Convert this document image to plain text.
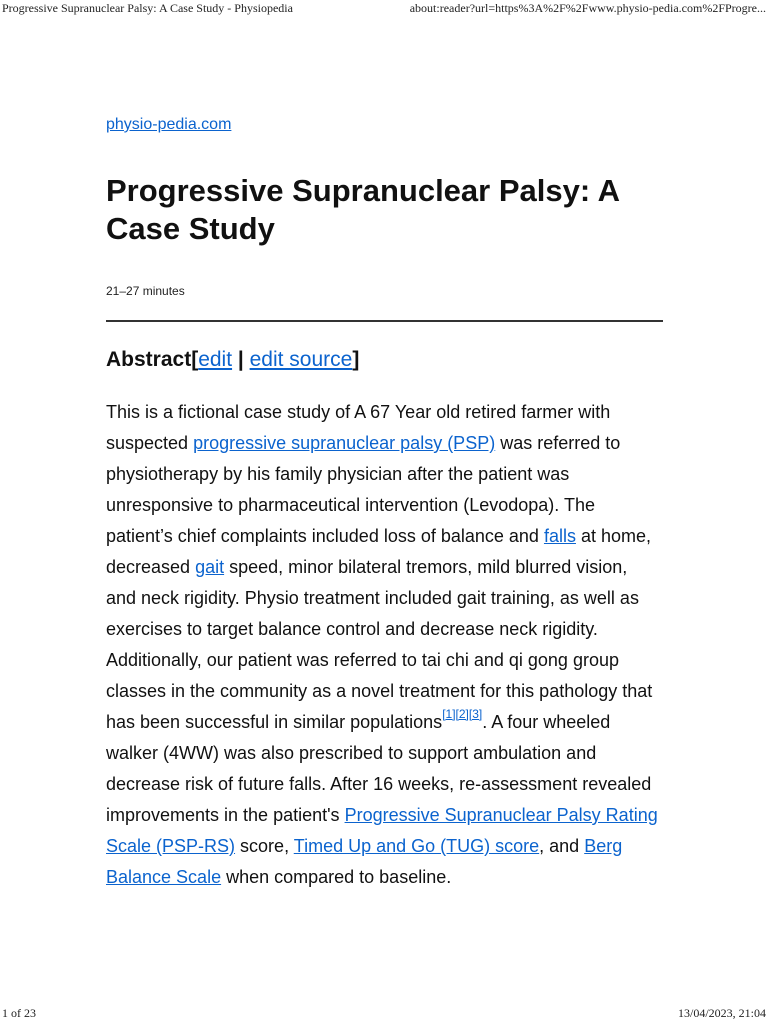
Progressive Supranuclear Palsy: A Case Study - Physiopedia	about:reader?url=https%3A%2F%2Fwww.physio-pedia.com%2FProgre...
physio-pedia.com
Progressive Supranuclear Palsy: A Case Study
21–27 minutes
Abstract[edit | edit source]

This is a fictional case study of A 67 Year old retired farmer with suspected progressive supranuclear palsy (PSP) was referred to physiotherapy by his family physician after the patient was unresponsive to pharmaceutical intervention (Levodopa). The patient’s chief complaints included loss of balance and falls at home, decreased gait speed, minor bilateral tremors, mild blurred vision, and neck rigidity. Physio treatment included gait training, as well as exercises to target balance control and decrease neck rigidity. Additionally, our patient was referred to tai chi and qi gong group classes in the community as a novel treatment for this pathology that has been successful in similar populations[1][2][3]. A four wheeled walker (4WW) was also prescribed to support ambulation and decrease risk of future falls. After 16 weeks, re-assessment revealed improvements in the patient's Progressive Supranuclear Palsy Rating Scale (PSP-RS) score, Timed Up and Go (TUG) score, and Berg Balance Scale when compared to baseline.

1 of 23	13/04/2023, 21:04
